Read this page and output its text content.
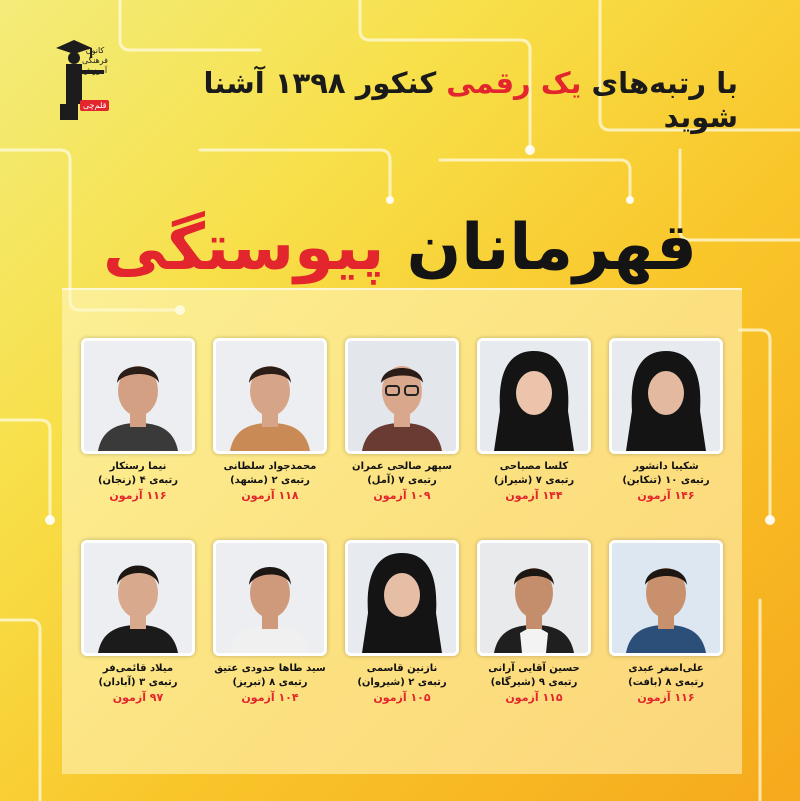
کانون
فرهنگی
آموزش
قلم‌چی
با رتبه‌های یک رقمی کنکور ۱۳۹۸ آشنا شوید
قهرمانان پیوستگی
شکیبا دانشور
رتبه‌ی ۱۰ (تنکابن)
۱۴۶ آزمون
کلسا مصباحی
رتبه‌ی ۷ (شیراز)
۱۴۴ آزمون
سپهر صالحی عمران
رتبه‌ی ۷ (آمل)
۱۰۹ آزمون
محمدجواد سلطانی
رتبه‌ی ۲ (مشهد)
۱۱۸ آزمون
نیما رستکار
رتبه‌ی ۴ (زنجان)
۱۱۶ آزمون
علی‌اصغر عبدی
رتبه‌ی ۸ (بافت)
۱۱۶ آزمون
حسین آقایی آرانی
رتبه‌ی ۹ (شیرگاه)
۱۱۵ آزمون
نازنین قاسمی
رتبه‌ی ۲ (شیروان)
۱۰۵ آزمون
سید طاها حدودی عتیق
رتبه‌ی ۸ (تبریز)
۱۰۴ آزمون
میلاد قائمی‌فر
رتبه‌ی ۳ (آبادان)
۹۷ آزمون
